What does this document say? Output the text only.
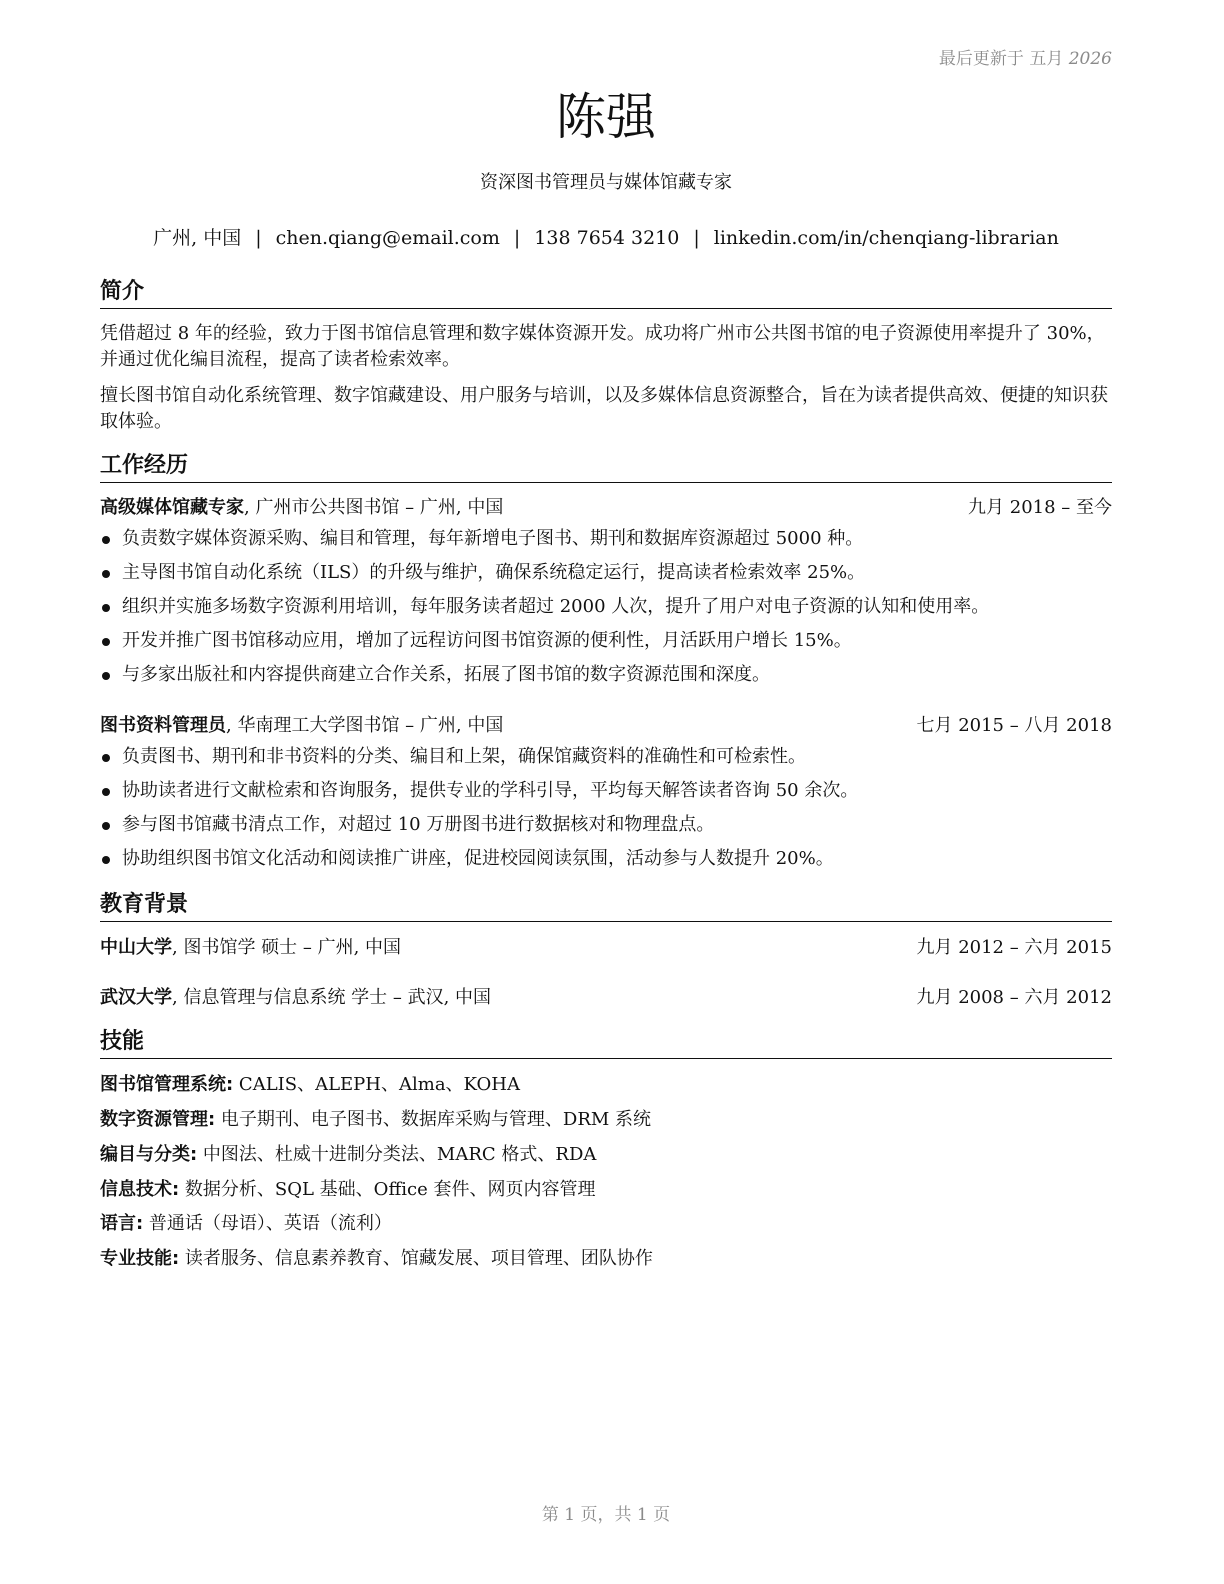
最后更新于 五月 2026
陈强
资深图书管理员与媒体馆藏专家
广州, 中国 | chen.qiang@email.com | 138 7654 3210 | linkedin.com/in/chenqiang-librarian
简介
凭借超过 8 年的经验，致力于图书馆信息管理和数字媒体资源开发。成功将广州市公共图书馆的电子资源使用率提升了 30%，并通过优化编目流程，提高了读者检索效率。
擅长图书馆自动化系统管理、数字馆藏建设、用户服务与培训，以及多媒体信息资源整合，旨在为读者提供高效、便捷的知识获取体验。
工作经历
高级媒体馆藏专家, 广州市公共图书馆 – 广州, 中国	九月 2018 – 至今
负责数字媒体资源采购、编目和管理，每年新增电子图书、期刊和数据库资源超过 5000 种。
主导图书馆自动化系统（ILS）的升级与维护，确保系统稳定运行，提高读者检索效率 25%。
组织并实施多场数字资源利用培训，每年服务读者超过 2000 人次，提升了用户对电子资源的认知和使用率。
开发并推广图书馆移动应用，增加了远程访问图书馆资源的便利性，月活跃用户增长 15%。
与多家出版社和内容提供商建立合作关系，拓展了图书馆的数字资源范围和深度。
图书资料管理员, 华南理工大学图书馆 – 广州, 中国	七月 2015 – 八月 2018
负责图书、期刊和非书资料的分类、编目和上架，确保馆藏资料的准确性和可检索性。
协助读者进行文献检索和咨询服务，提供专业的学科引导，平均每天解答读者咨询 50 余次。
参与图书馆藏书清点工作，对超过 10 万册图书进行数据核对和物理盘点。
协助组织图书馆文化活动和阅读推广讲座，促进校园阅读氛围，活动参与人数提升 20%。
教育背景
中山大学, 图书馆学 硕士 – 广州, 中国	九月 2012 – 六月 2015
武汉大学, 信息管理与信息系统 学士 – 武汉, 中国	九月 2008 – 六月 2012
技能
图书馆管理系统: CALIS、ALEPH、Alma、KOHA
数字资源管理: 电子期刊、电子图书、数据库采购与管理、DRM 系统
编目与分类: 中图法、杜威十进制分类法、MARC 格式、RDA
信息技术: 数据分析、SQL 基础、Office 套件、网页内容管理
语言: 普通话（母语）、英语（流利）
专业技能: 读者服务、信息素养教育、馆藏发展、项目管理、团队协作
第 1 页，共 1 页
